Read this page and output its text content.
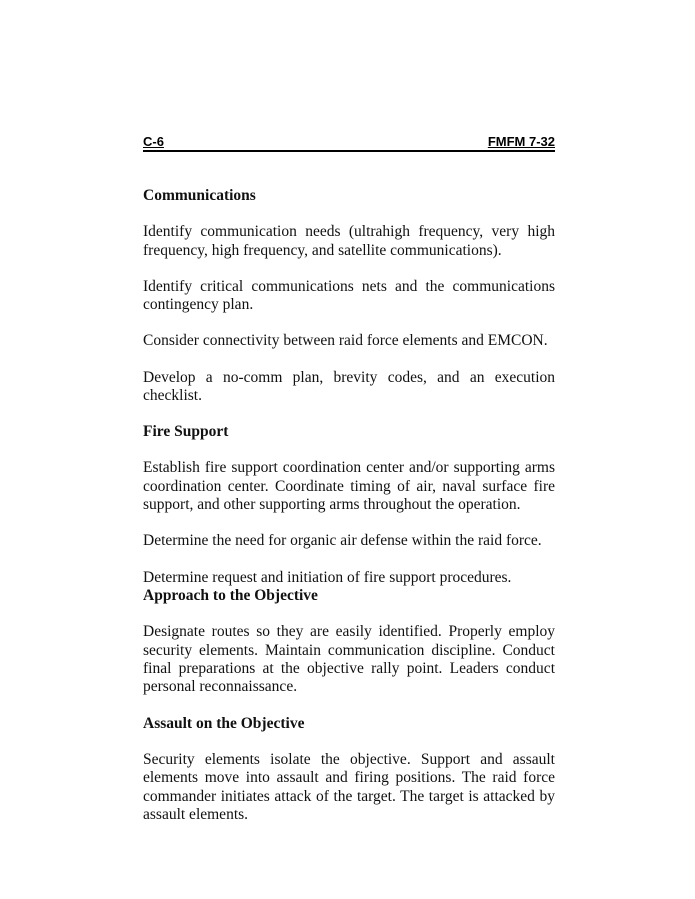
C-6	FMFM 7-32
Communications
Identify communication needs (ultrahigh frequency, very high
frequency, high frequency, and satellite communications).
Identify critical communications nets and the communications
contingency plan.
Consider connectivity between raid force elements and EMCON.
Develop a no-comm plan, brevity codes, and an execution
checklist.
Fire Support
Establish fire support coordination center and/or supporting arms
coordination center. Coordinate timing of air, naval surface fire
support, and other supporting arms throughout the operation.
Determine the need for organic air defense within the raid force.
Determine request and initiation of fire support procedures.
Approach to the Objective
Designate routes so they are easily identified. Properly employ
security elements. Maintain communication discipline. Conduct
final preparations at the objective rally point. Leaders conduct
personal reconnaissance.
Assault on the Objective
Security elements isolate the objective. Support and assault
elements move into assault and firing positions. The raid force
commander initiates attack of the target. The target is attacked by
assault elements.
